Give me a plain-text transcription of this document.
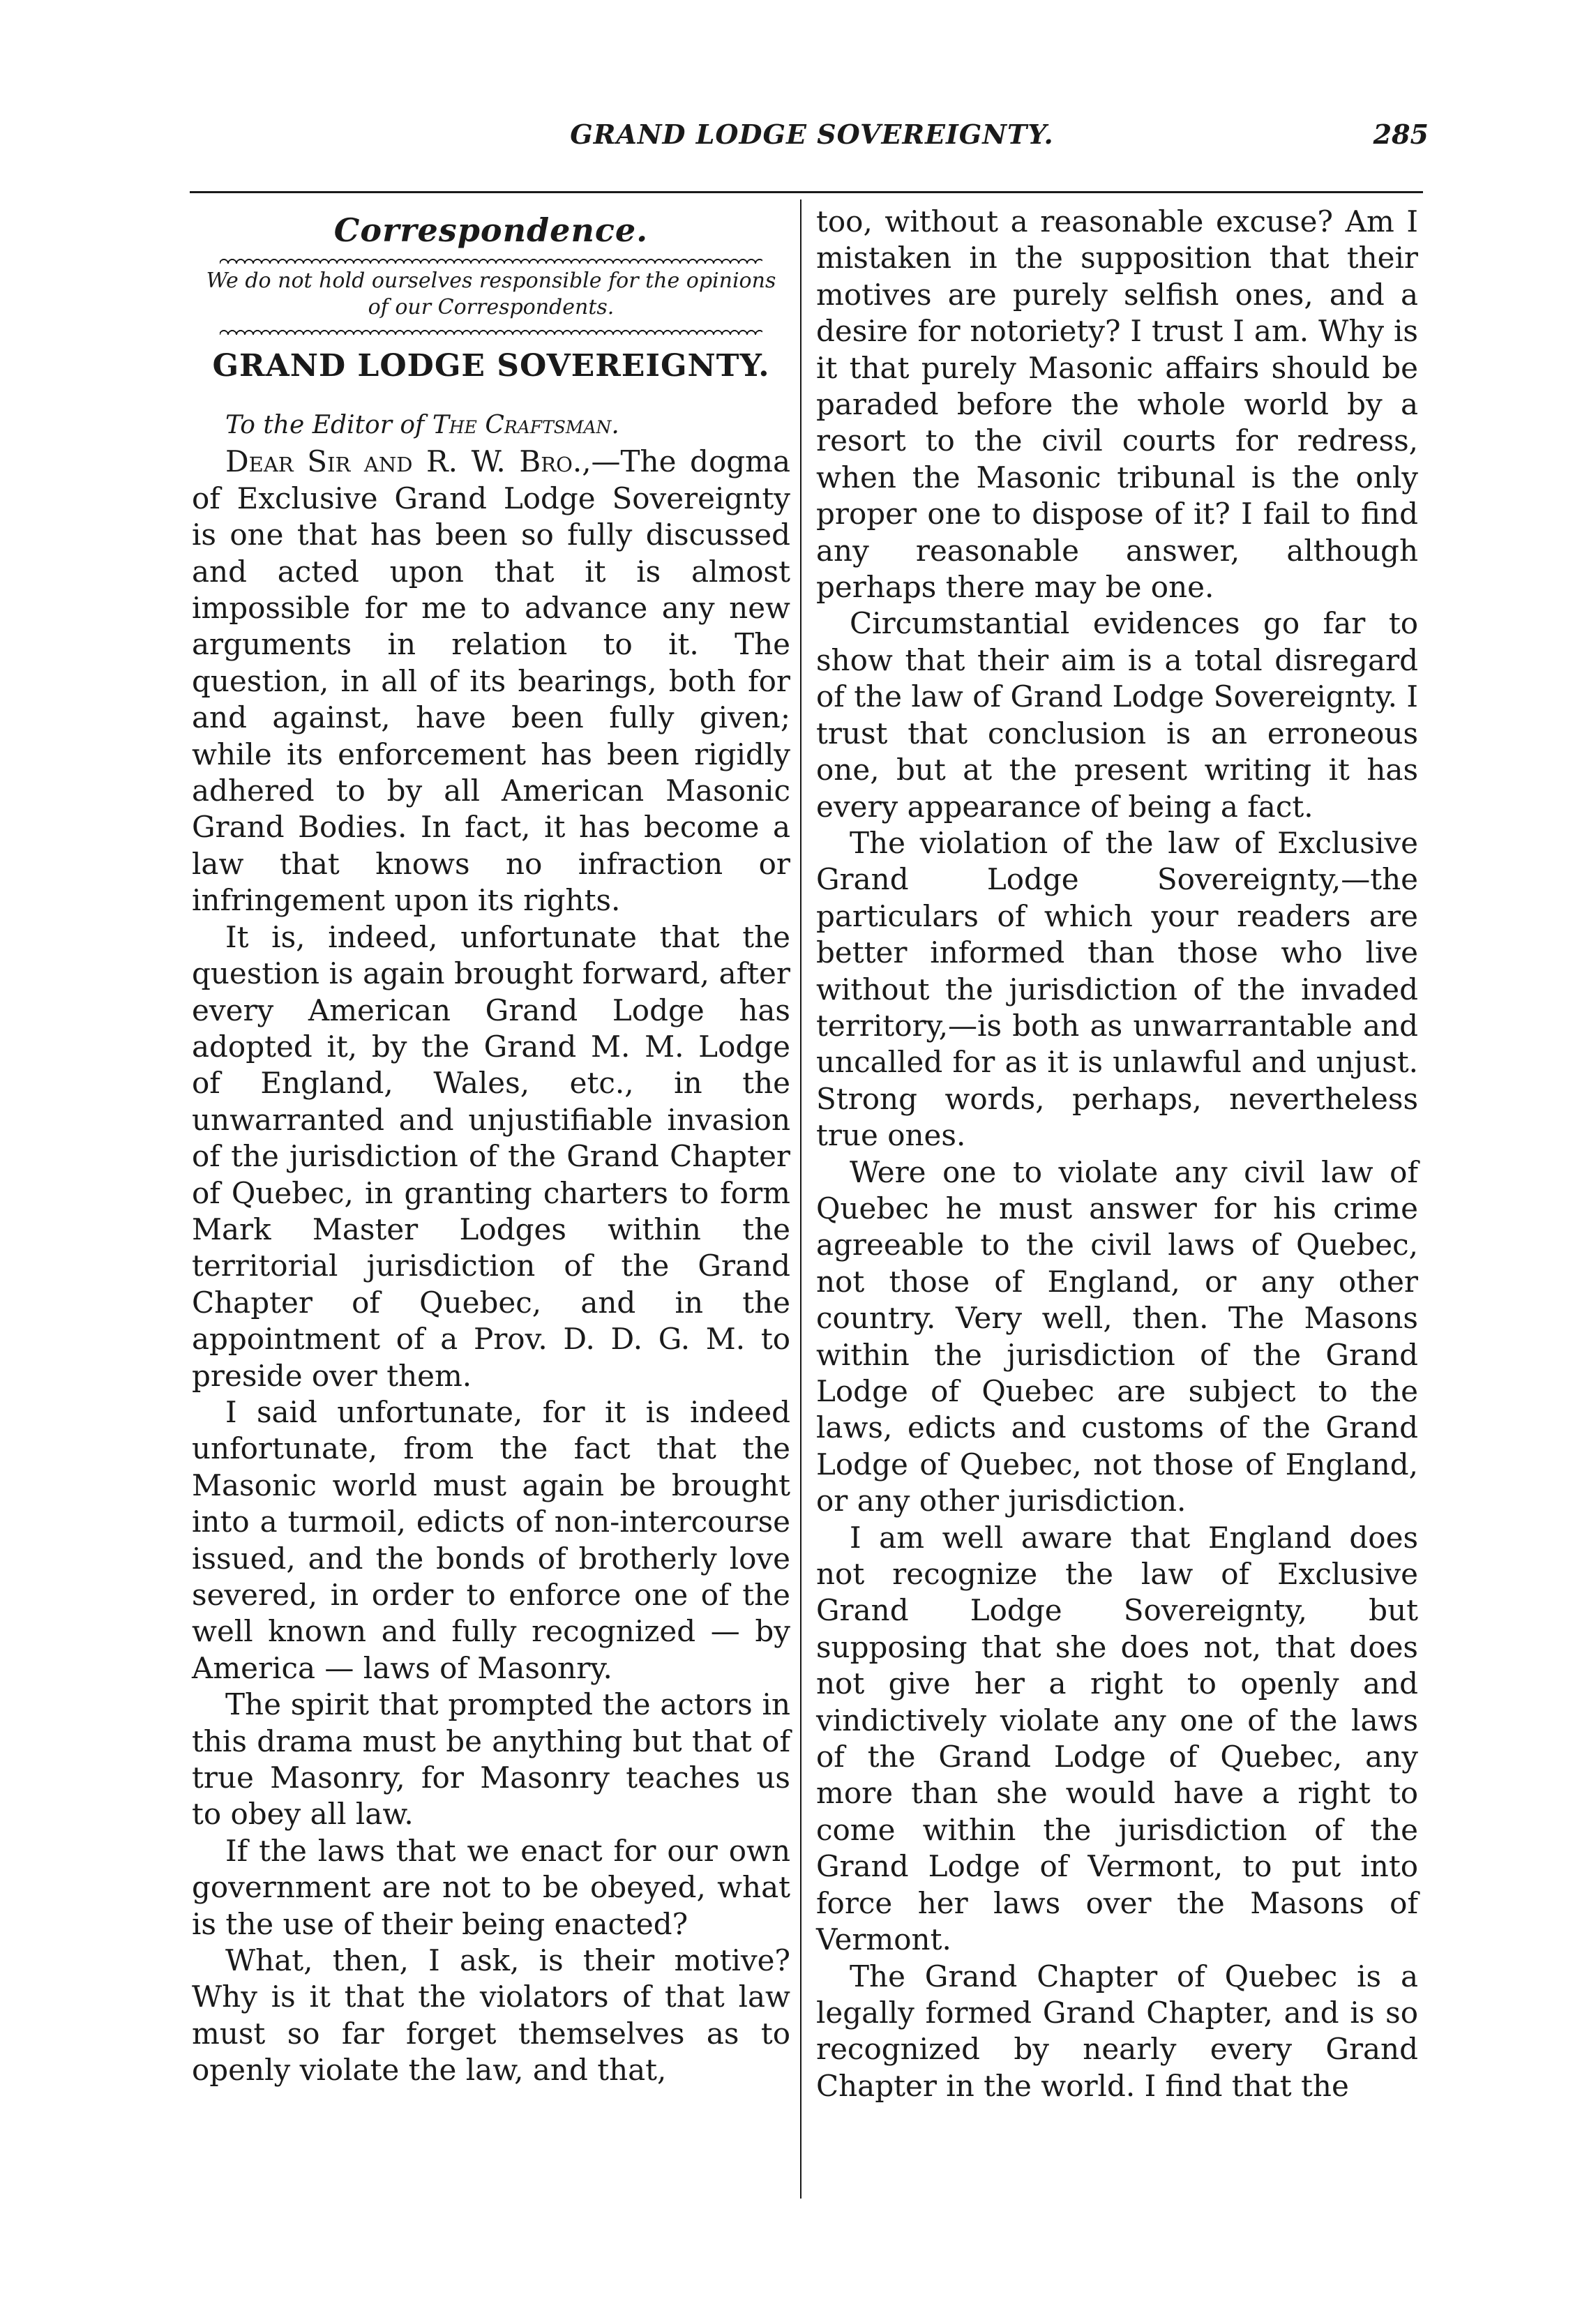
GRAND LODGE SOVEREIGNTY.	285
Correspondence.
We do not hold ourselves responsible for the opinions of our Correspondents.
GRAND LODGE SOVEREIGNTY.

To the Editor of The Craftsman.

Dear Sir and R. W. Bro.,—The dogma of Exclusive Grand Lodge Sovereignty is one that has been so fully discussed and acted upon that it is almost impossible for me to advance any new arguments in relation to it. The question, in all of its bearings, both for and against, have been fully given; while its enforcement has been rigidly adhered to by all American Masonic Grand Bodies. In fact, it has become a law that knows no infraction or infringement upon its rights.

It is, indeed, unfortunate that the question is again brought forward, after every American Grand Lodge has adopted it, by the Grand M. M. Lodge of England, Wales, etc., in the unwarranted and unjustifiable invasion of the jurisdiction of the Grand Chapter of Quebec, in granting charters to form Mark Master Lodges within the territorial jurisdiction of the Grand Chapter of Quebec, and in the appointment of a Prov. D. D. G. M. to preside over them.

I said unfortunate, for it is indeed unfortunate, from the fact that the Masonic world must again be brought into a turmoil, edicts of non-intercourse issued, and the bonds of brotherly love severed, in order to enforce one of the well known and fully recognized — by America — laws of Masonry.

The spirit that prompted the actors in this drama must be anything but that of true Masonry, for Masonry teaches us to obey all law.

If the laws that we enact for our own government are not to be obeyed, what is the use of their being enacted?

What, then, I ask, is their motive? Why is it that the violators of that law must so far forget themselves as to openly violate the law, and that,

too, without a reasonable excuse? Am I mistaken in the supposition that their motives are purely selfish ones, and a desire for notoriety? I trust I am. Why is it that purely Masonic affairs should be paraded before the whole world by a resort to the civil courts for redress, when the Masonic tribunal is the only proper one to dispose of it? I fail to find any reasonable answer, although perhaps there may be one.

Circumstantial evidences go far to show that their aim is a total disregard of the law of Grand Lodge Sovereignty. I trust that conclusion is an erroneous one, but at the present writing it has every appearance of being a fact.

The violation of the law of Exclusive Grand Lodge Sovereignty,—the particulars of which your readers are better informed than those who live without the jurisdiction of the invaded territory,—is both as unwarrantable and uncalled for as it is unlawful and unjust. Strong words, perhaps, nevertheless true ones.

Were one to violate any civil law of Quebec he must answer for his crime agreeable to the civil laws of Quebec, not those of England, or any other country. Very well, then. The Masons within the jurisdiction of the Grand Lodge of Quebec are subject to the laws, edicts and customs of the Grand Lodge of Quebec, not those of England, or any other jurisdiction.

I am well aware that England does not recognize the law of Exclusive Grand Lodge Sovereignty, but supposing that she does not, that does not give her a right to openly and vindictively violate any one of the laws of the Grand Lodge of Quebec, any more than she would have a right to come within the jurisdiction of the Grand Lodge of Vermont, to put into force her laws over the Masons of Vermont.

The Grand Chapter of Quebec is a legally formed Grand Chapter, and is so recognized by nearly every Grand Chapter in the world. I find that the
